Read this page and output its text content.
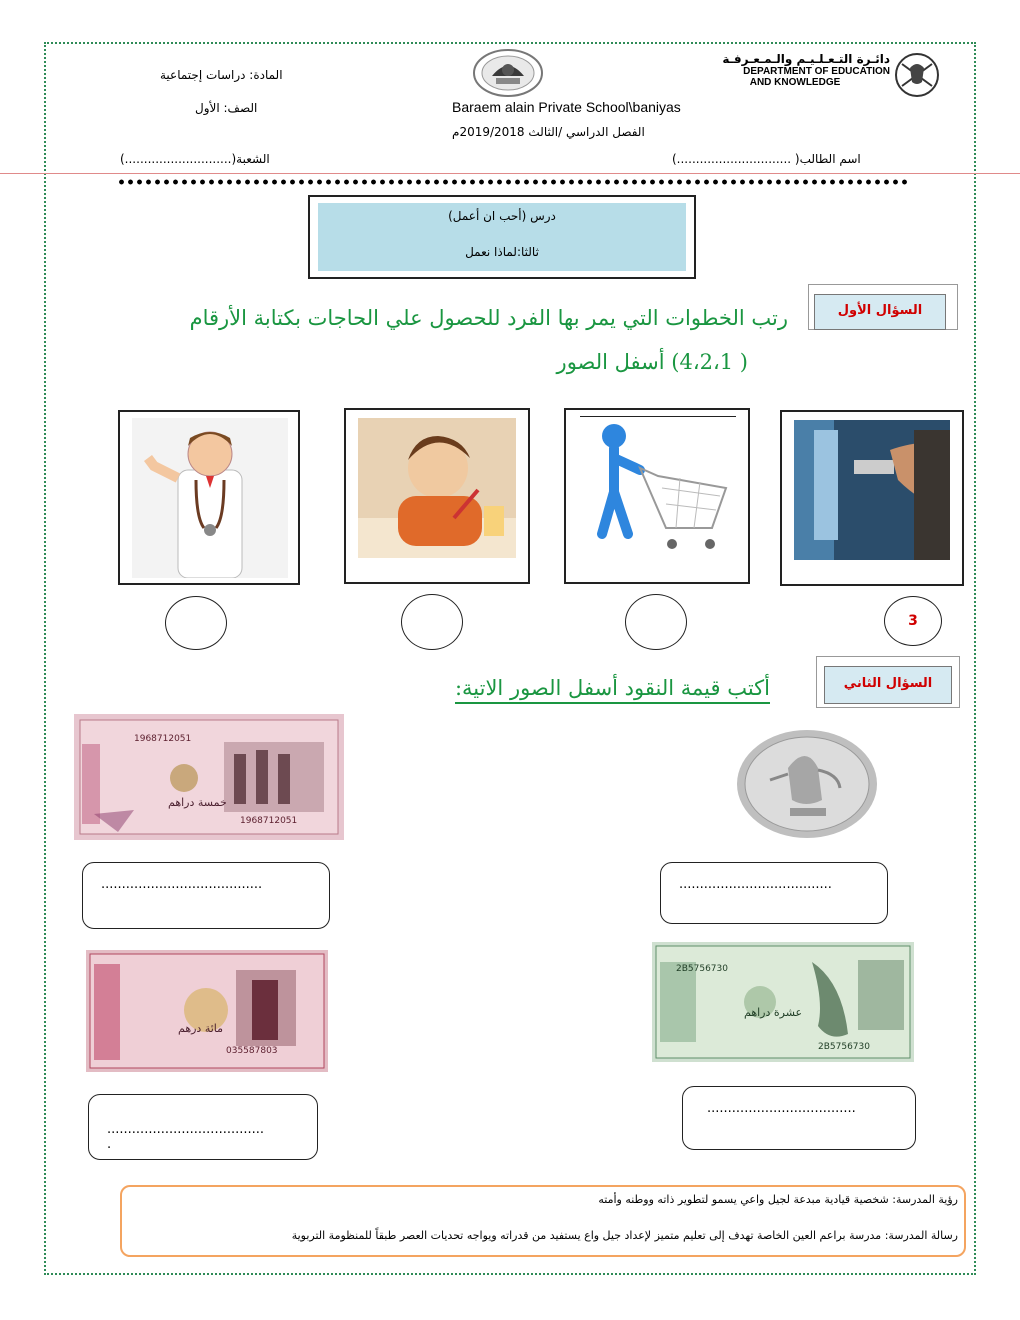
المادة: دراسات إجتماعية
الصف: الأول
الشعبة(............................)
Baraem alain Private School\baniyas
الفصل الدراسي /الثالث 2019/2018م
اسم الطالب( ..............................)
دائـرة التـعـلـيـم والـمـعـرفـة
DEPARTMENT OF EDUCATION
AND KNOWLEDGE
درس (أحب ان أعمل)
ثالثا:لماذا نعمل
السؤال الأول
رتب الخطوات التي يمر بها الفرد للحصول علي الحاجات بكتابة الأرقام
( 4،2،1) أسفل الصور
3
السؤال الثاني
أكتب قيمة النقود أسفل الصور الاتية:
خمسة دراهم
1968712051
1968712051
.......................................	.....................................
مائة درهم
035587803
عشرة دراهم
2B5756730
2B5756730

......................................
.

....................................
رؤية المدرسة: شخصية قيادية مبدعة لجيل واعي يسمو لتطوير ذاته ووطنه وأمته
رسالة المدرسة: مدرسة براعم العين الخاصة تهدف إلى تعليم متميز لإعداد جيل واع يستفيد من قدراته ويواجه تحديات العصر طبقاً للمنظومة التربوية
